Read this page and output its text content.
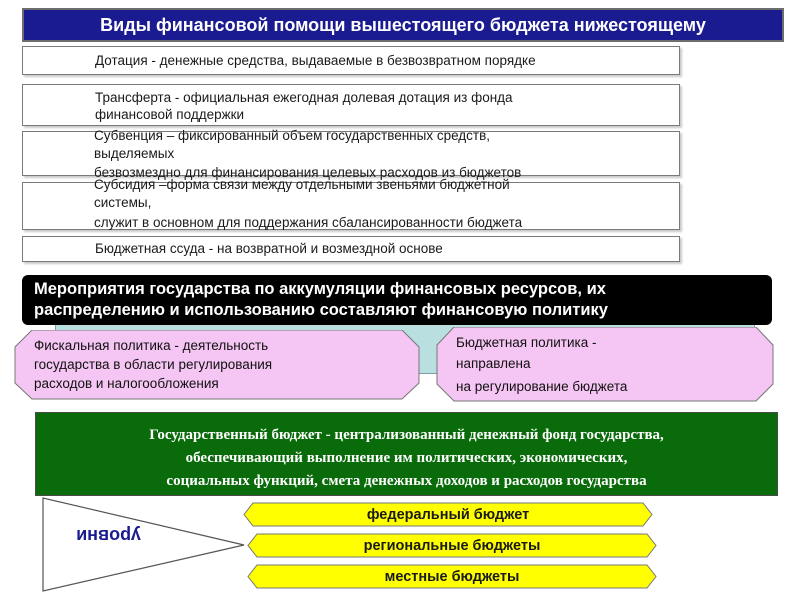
Виды финансовой помощи вышестоящего бюджета нижестоящему
Дотация - денежные средства, выдаваемые в безвозвратном порядке
Трансферта - официальная ежегодная долевая дотация из фонда
финансовой поддержки
Субвенция – фиксированный объем государственных средств,
выделяемых
безвозмездно для финансирования целевых расходов из бюджетов
Субсидия –форма связи между отдельными звеньями бюджетной
системы,
служит в основном для поддержания сбалансированности бюджета
Бюджетная ссуда - на возвратной и возмездной основе
Мероприятия государства по аккумуляции финансовых ресурсов, их
распределению и использованию составляют финансовую политику
Фискальная политика - деятельность
государства в области регулирования
расходов и налогообложения
Бюджетная политика -
направлена
на регулирование бюджета
Государственный бюджет - централизованный денежный фонд государства,
обеспечивающий выполнение им политических, экономических,
социальных функций, смета денежных доходов и расходов государства
уровни
федеральный бюджет
региональные бюджеты
местные бюджеты
